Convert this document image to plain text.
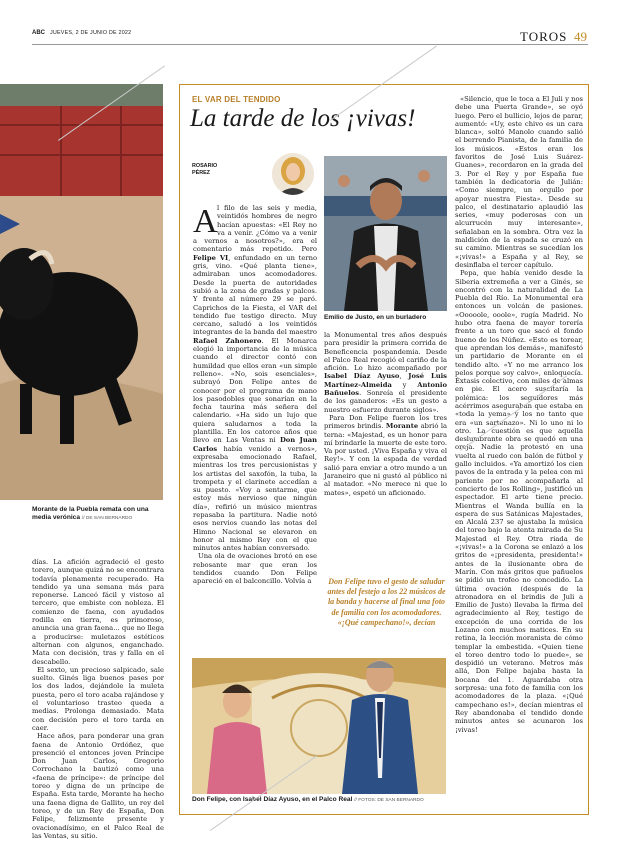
ABC JUEVES, 2 DE JUNIO DE 2022	TOROS 49
Morante de la Puebla remata con una media verónica // DE SAN BERNARDO

días. La afición agradeció el gesto torero, aunque quizá no se encontrara todavía plenamente recuperado. Ha tendido ya una semana más para reponerse. Lanceó fácil y vistoso al tercero, que embiste con nobleza. El comienzo de faena, con ayudados rodilla en tierra, es primoroso, anuncia una gran faena... que no llega a producirse: muletazos estéticos alternan con algunos, enganchado. Mata con decisión, tras y falla en el descabello.

El sexto, un precioso salpicado, sale suelto. Ginés liga buenos pases por los dos lados, dejándole la muleta puesta, pero el toro acaba rajándose y el voluntarioso trasteo queda a medias. Prolonga demasiado. Mata con decisión pero el toro tarda en caer.

Hace años, para ponderar una gran faena de Antonio Ordóñez, que presenció el entonces joven Príncipe Don Juan Carlos, Gregorio Corrochano la bautizó como una «faena de príncipe»: de príncipe del toreo y digna de un príncipe de España. Esta tarde, Morante ha hecho una faena digna de Gallito, un rey del toreo, y de un Rey de España, Don Felipe, felizmente presente y ovacionadísimo, en el Palco Real de las Ventas, su sitio.

EL VAR DEL TENDIDO
La tarde de los ¡vivas!
ROSARIO
PÉREZ
A l filo de las seis y media, veintidós hombres de negro hacían apuestas: «El Rey no va a venir. ¿Cómo va a venir a vernos a nosotros?», era el comentario más repetido. Pero Felipe VI, enfundado en un terno gris, vino. «Qué planta tiene», admiraban unos acomodadores. Desde la puerta de autoridades subió a la zona de gradas y palcos. Y frente al número 29 se paró. Caprichos de la Fiesta, el VAR del tendido fue testigo directo. Muy cercano, saludó a los veintidós integrantes de la banda del maestro Rafael Zahonero. El Monarca elogió la importancia de la música cuando el director contó con humildad que ellos eran «un simple relleno». «No, sois esenciales», subrayó Don Felipe antes de conocer por el programa de mano los pasodobles que sonarían en la fecha taurina más señera del calendario. «Ha sido un lujo que quiera saludarnos a toda la plantilla. En los catorce años que llevo en Las Ventas ni Don Juan Carlos había venido a vernos», expresaba emocionado Rafael, mientras los tres percusionistas y los artistas del saxofón, la tuba, la trompeta y el clarinete accedían a su puesto. «Voy a sentarme, que estoy más nervioso que ningún día», refirió un músico mientras repasaba la partitura. Nadie notó esos nervios cuando las notas del Himno Nacional se elevaron en honor al mismo Rey con el que minutos antes habían conversado.

Una ola de ovaciones brotó en ese rebosante mar que eran los tendidos cuando Don Felipe apareció en el balconcillo. Volvía a

Emilio de Justo, en un burladero

la Monumental tres años después para presidir la primera corrida de Beneficencia pospandemia. Desde el Palco Real recogió el cariño de la afición. Lo hizo acompañado por Isabel Díaz Ayuso, José Luis Martínez-Almeida y Antonio Bañuelos. Sonreía el presidente de los ganaderos: «Es un gesto a nuestro esfuerzo durante siglos».

Para Don Felipe fueron los tres primeros brindis. Morante abrió la terna: «Majestad, es un honor para mí brindarle la muerte de este toro. Va por usted. ¡Viva España y viva el Rey!». Y con la espada de verdad salió para enviar a otro mundo a un Jaraneiro que ni gustó al público ni al matador. «No merece ni que lo mates», espetó un aficionado.

Don Felipe tuvo el gesto de saludar antes del festejo a los 22 músicos de la banda y hacerse al final una foto de familia con los acomodadores. «¡Qué campechano!», decían
Don Felipe, con Isabel Díaz Ayuso, en el Palco Real // FOTOS: DE SAN BERNARDO

«Silencio, que le toca a El Juli y nos debe una Puerta Grande», se oyó luego. Pero el bullicio, lejos de parar, aumentó: «Uy, este chivo es un cara blanca», soltó Manolo cuando salió el berrendo Pianista, de la familia de los músicos. «Estos eran los favoritos de José Luis Suárez-Guanes», recordaron en la grada del 3. Por el Rey y por España fue también la dedicatoria de Julián: «Como siempre, un orgullo por apoyar nuestra Fiesta». Desde su palco, el destinatario aplaudió las series, «muy poderosas con un alcurrucén muy interesante», señalaban en la sombra. Otra vez la maldición de la espada se cruzó en su camino. Mientras se sucedían los «¡vivas!» a España y al Rey, se desinflaba el tercer capítulo.

Pepa, que había venido desde la Siberia extremeña a ver a Ginés, se encontró con la naturalidad de La Puebla del Río. La Monumental era entonces un volcán de pasiones. «Ooooole, ooole», rugía Madrid. No hubo otra faena de mayor torería frente a un toro que sacó el fondo bueno de los Núñez. «Esto es torear, que aprendan los demás», manifestó un partidario de Morante en el tendido alto. «Y no me arranco los pelos porque soy calvo», enloquecía. Éxtasis colectivo, con miles de almas en pie. El acero suscitaría la polémica: los seguidores más acérrimos aseguraban que estaba en «toda la yema» y los no tanto que era «un sartenazo». Ni lo uno ni lo otro. La cuestión es que aquella deslumbrante obra se quedó en una oreja. Nadie la protestó en una vuelta al ruedo con balón de fútbol y gallo incluidos. «Ya amortizó los cien pavos de la entrada y la pelea con mi pariente por no acompañarla al concierto de los Rolling», justificó un espectador. El arte tiene precio. Mientras el Wanda bullía en la espera de sus Satánicas Majestades, en Alcalá 237 se ajustaba la música del toreo bajo la atenta mirada de Su Majestad el Rey. Otra riada de «¡vivas!» a la Corona se enlazó a los gritos de «¡presidenta, presidenta!» antes de la ilusionante obra de Marín. Con más gritos que pañuelos se pidió un trofeo no concedido. La última ovación (después de la atronadora en el brindis de Juli a Emilio de Justo) llevaba la firma del agradecimiento al Rey, testigo de excepción de una corrida de los Lozano con muchos matices. En su retina, la lección moranista de cómo templar la embestida. «Quien tiene el toreo dentro todo lo puede», se despidió un veterano. Metros más allá, Don Felipe bajaba hasta la bocana del 1. Aguardaba otra sorpresa: una foto de familia con los acomodadores de la plaza. «¡Qué campechano es!», decían mientras el Rey abandonaba el tendido donde minutos antes se acunaron los ¡vivas!
